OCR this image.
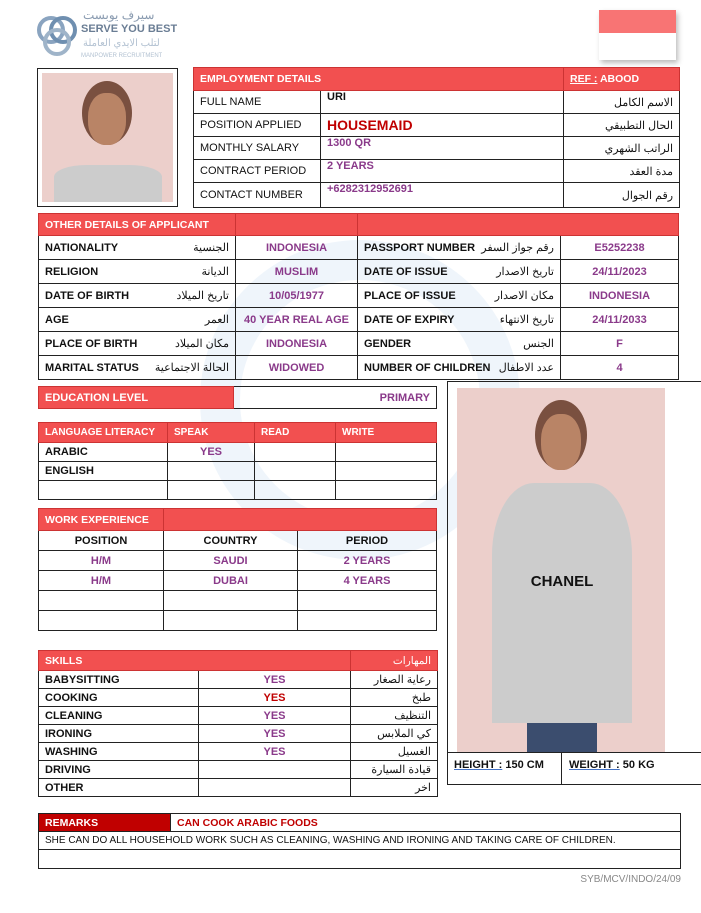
سيرف يوبست
SERVE YOU BEST
لتلب الايدي العاملة
MANPOWER RECRUITMENT
EMPLOYMENT DETAILS		REF : ABOOD
FULL NAME	URI	الاسم الكامل
POSITION APPLIED	HOUSEMAID	الحال التطبيقي
MONTHLY SALARY	1300 QR	الراتب الشهري
CONTRACT PERIOD	2 YEARS	مدة العقد
CONTACT NUMBER	+6282312952691	رقم الجوال
OTHER DETAILS OF APPLICANT			

NATIONALITY الجنسية	INDONESIA	PASSPORT NUMBER رقم جواز السفر	E5252238

RELIGION الديانة	MUSLIM	DATE OF ISSUE تاريخ الاصدار	24/11/2023

DATE OF BIRTH تاريخ الميلاد	10/05/1977	PLACE OF ISSUE مكان الاصدار	INDONESIA

AGE العمر	40 YEAR REAL AGE	DATE OF EXPIRY تاريخ الانتهاء	24/11/2033

PLACE OF BIRTH مكان الميلاد	INDONESIA	GENDER الجنس	F

MARITAL STATUS الحالة الاجتماعية	WIDOWED	NUMBER OF CHILDREN عدد الاطفال	4
EDUCATION LEVEL	PRIMARY
LANGUAGE LITERACY	SPEAK	READ	WRITE
ARABIC	YES		
ENGLISH			

WORK EXPERIENCE		
POSITION	COUNTRY	PERIOD
H/M	SAUDI	2 YEARS
H/M	DUBAI	4 YEARS

SKILLS		المهارات
BABYSITTING	YES	رعاية الصغار
COOKING	YES	طبخ
CLEANING	YES	التنظيف
IRONING	YES	كي الملابس
WASHING	YES	الغسيل
DRIVING		قيادة السيارة
OTHER		اخر
CHANEL
HEIGHT : 150 CM WEIGHT : 50 KG
REMARKS	CAN COOK ARABIC FOODS
SHE CAN DO ALL HOUSEHOLD WORK SUCH AS CLEANING, WASHING AND IRONING AND TAKING CARE OF CHILDREN.

SYB/MCV/INDO/24/09
